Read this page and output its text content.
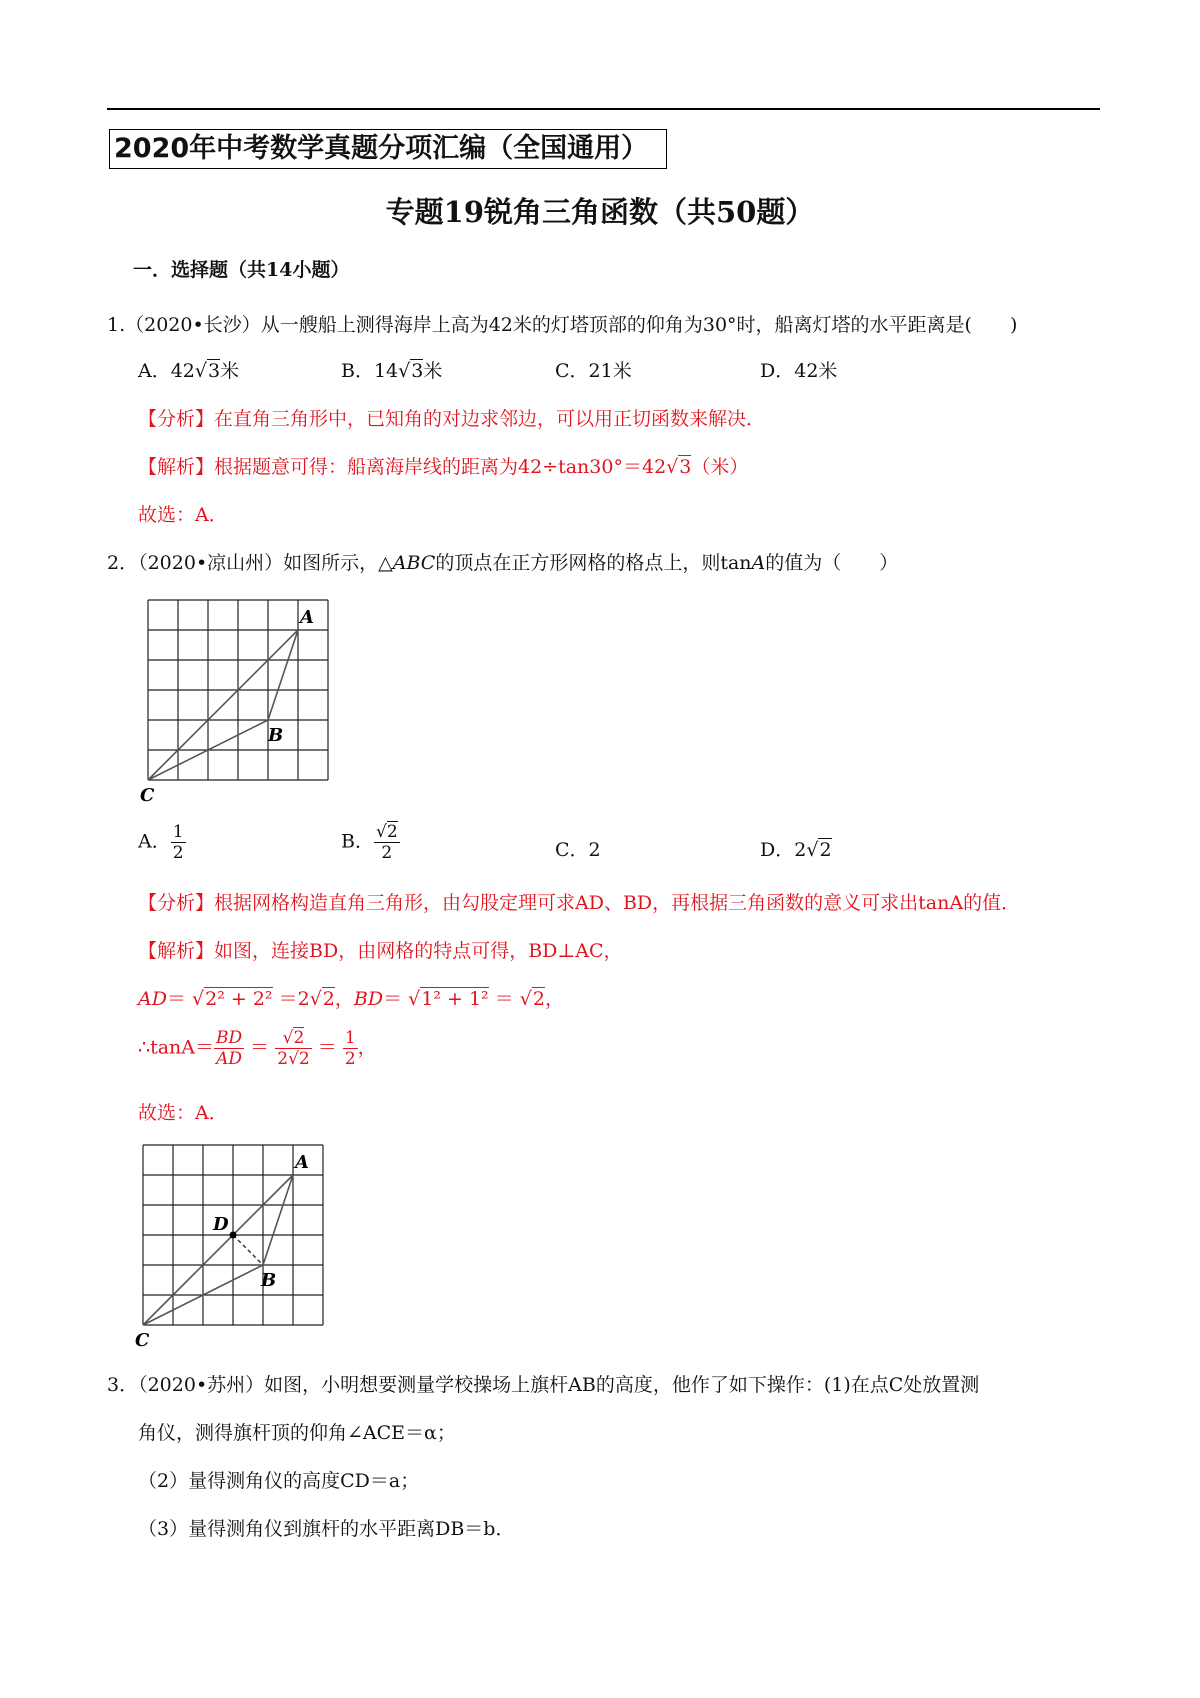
2020年中考数学真题分项汇编（全国通用）
专题19锐角三角函数（共50题）
一．选择题（共14小题）
1.（2020•长沙）从一艘船上测得海岸上高为42米的灯塔顶部的仰角为30°时，船离灯塔的水平距离是(　　)
A．42√3米	B．14√3米	C．21米	D．42米
【分析】在直角三角形中，已知角的对边求邻边，可以用正切函数来解决．
【解析】根据题意可得：船离海岸线的距离为42÷tan30°＝42√3（米）
故选：A．
2．（2020•凉山州）如图所示，△ABC的顶点在正方形网格的格点上，则tanA的值为（　　）
A
B
C
A． $\frac{1}{2}$	B． $\frac{√2}{2}$	C．2	D．2√2
【分析】根据网格构造直角三角形，由勾股定理可求AD、BD，再根据三角函数的意义可求出tanA的值．
【解析】如图，连接BD，由网格的特点可得，BD⊥AC，
AD＝ √2² + 2² ＝2√2，BD＝ √1² + 1² ＝ √2，
∴tanA＝ $\frac{BD}{AD} = \frac{√2}{2√2} = \frac{1}{2}$ ，
故选：A．
A
B
C
D
3．（2020•苏州）如图，小明想要测量学校操场上旗杆AB的高度，他作了如下操作：(1)在点C处放置测
角仪，测得旗杆顶的仰角∠ACE＝α；
（2）量得测角仪的高度CD＝a；
（3）量得测角仪到旗杆的水平距离DB＝b．
